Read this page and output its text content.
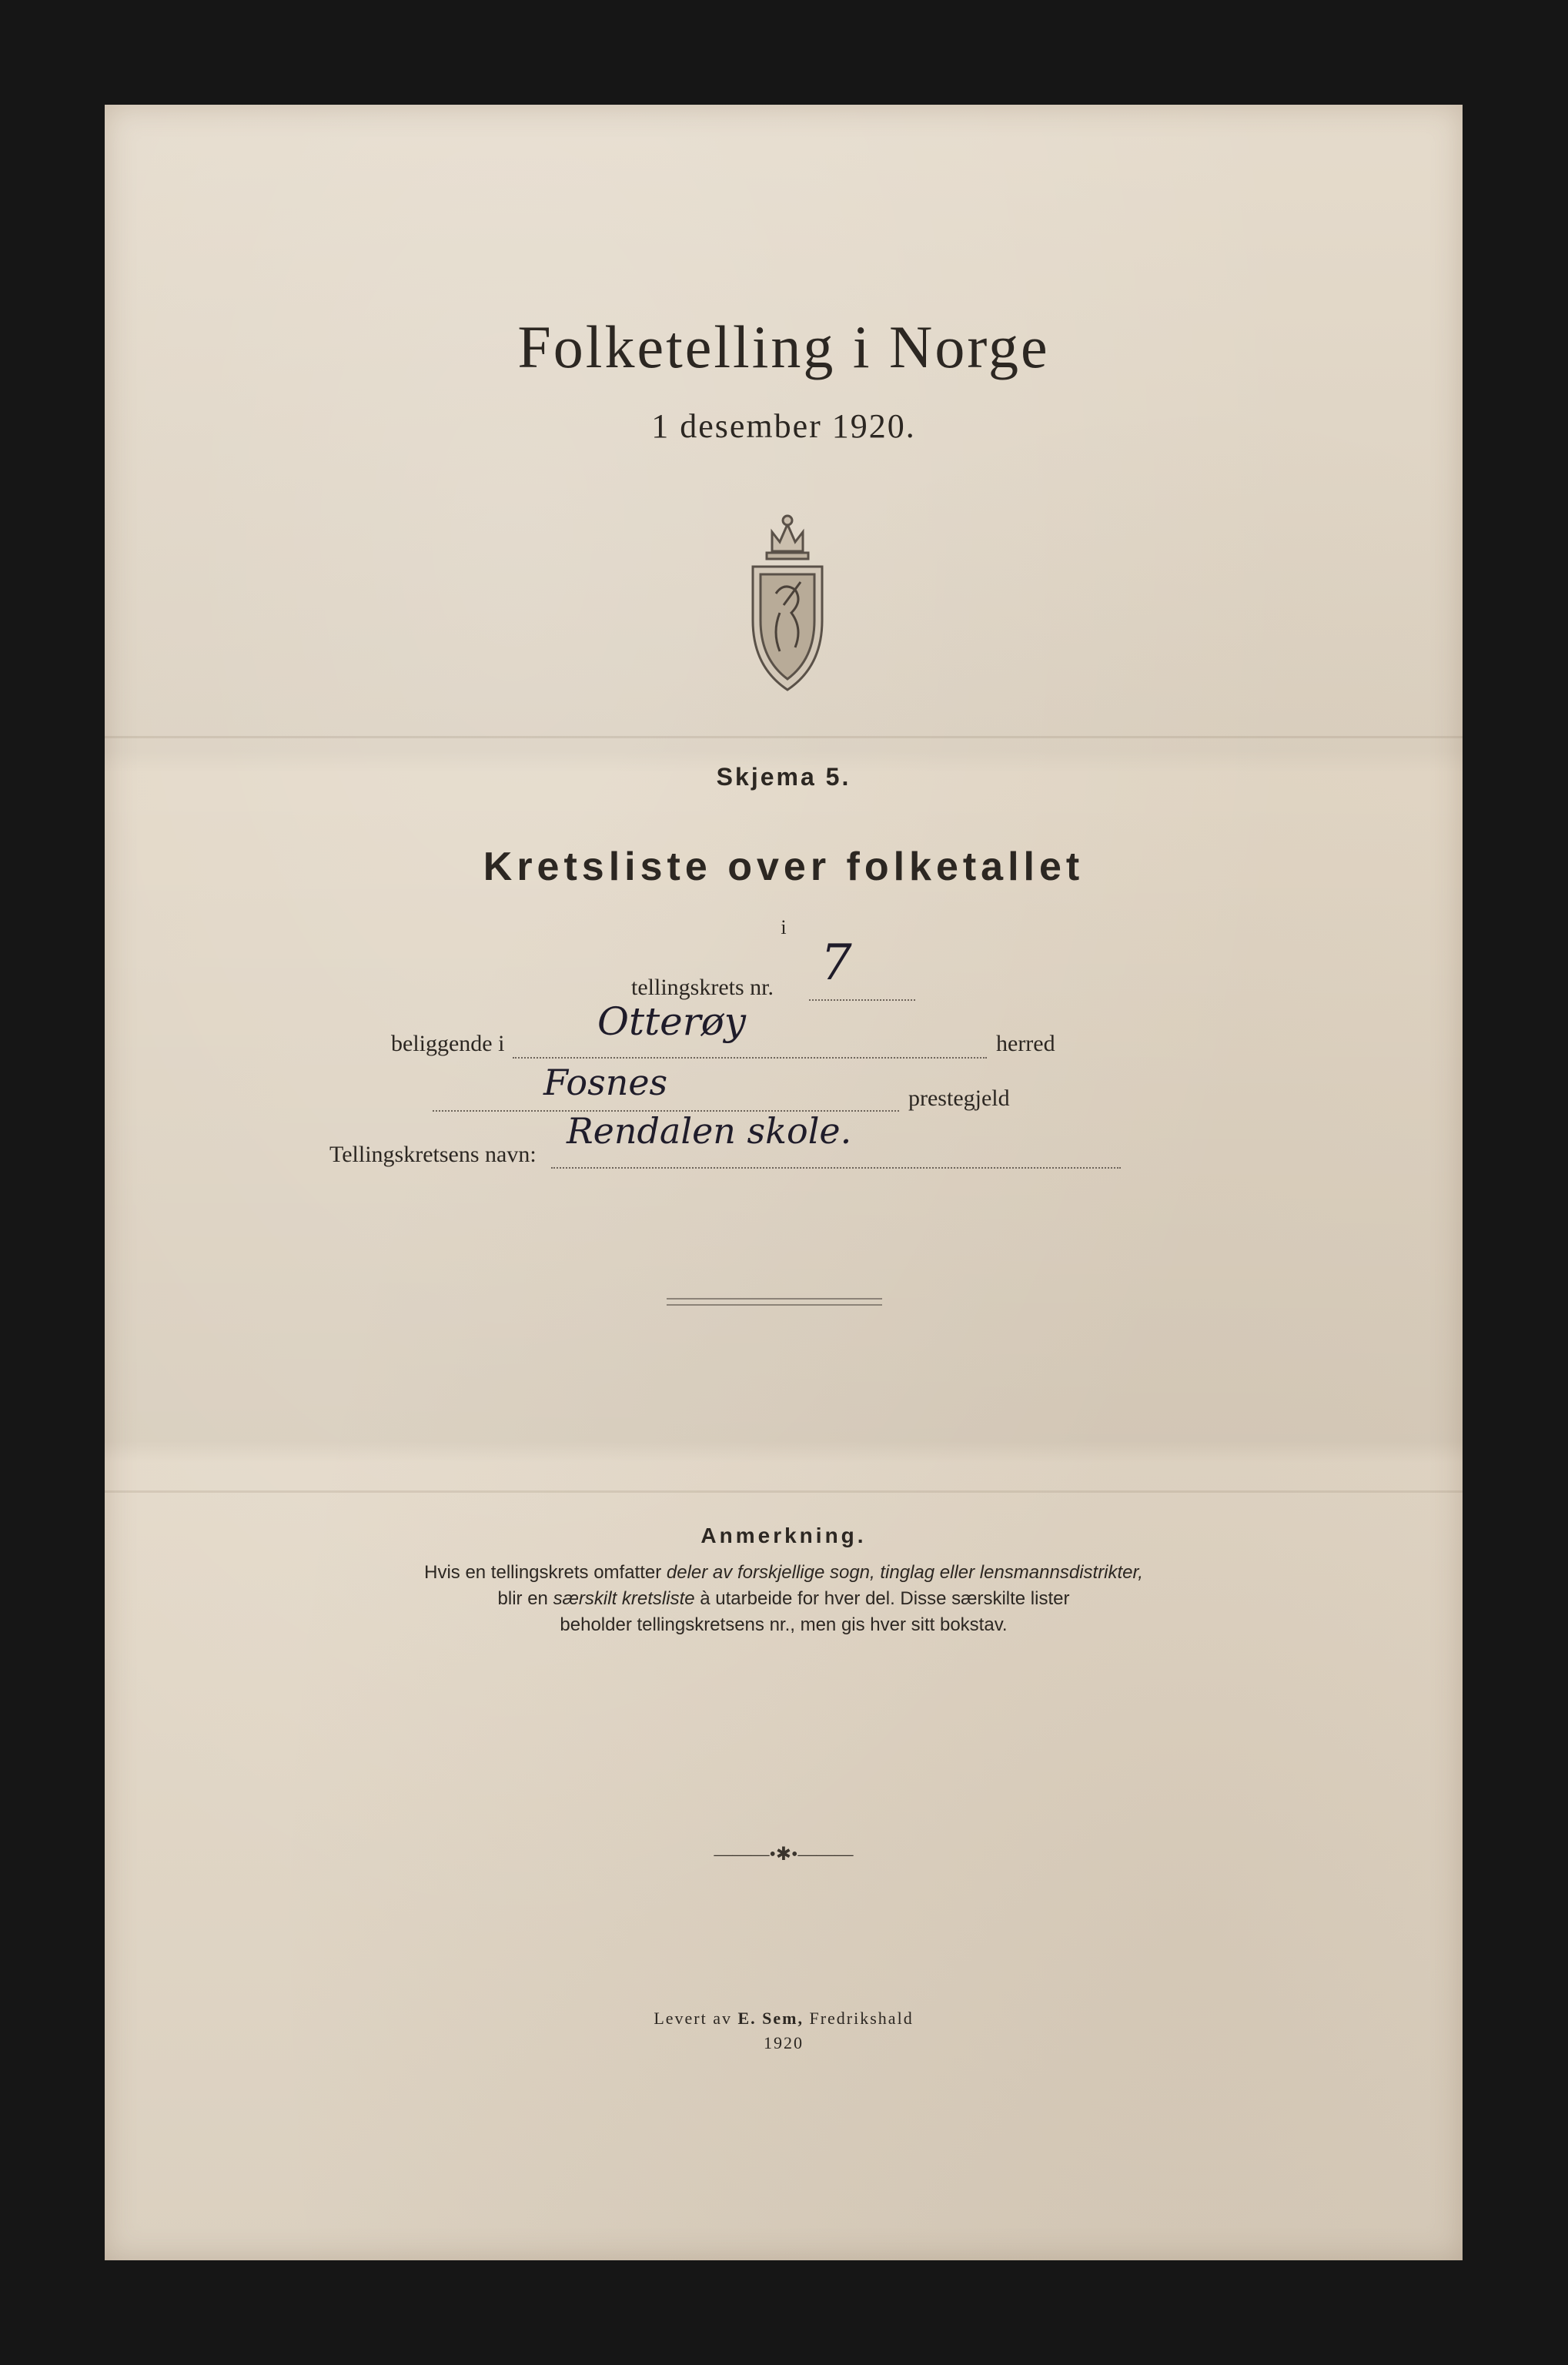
Folketelling i Norge
1 desember 1920.
Skjema 5.
Kretsliste over folketallet
i
tellingskrets nr. 7
beliggende i Otterøy	herred
Fosnes	prestegjeld
Tellingskretsens navn:
Rendalen skole.
Anmerkning.
Hvis en tellingskrets omfatter deler av forskjellige sogn, tinglag eller lensmannsdistrikter,
blir en særskilt kretsliste à utarbeide for hver del. Disse særskilte lister
beholder tellingskretsens nr., men gis hver sitt bokstav.
———•✱•———
Levert av E. Sem, Fredrikshald
1920
